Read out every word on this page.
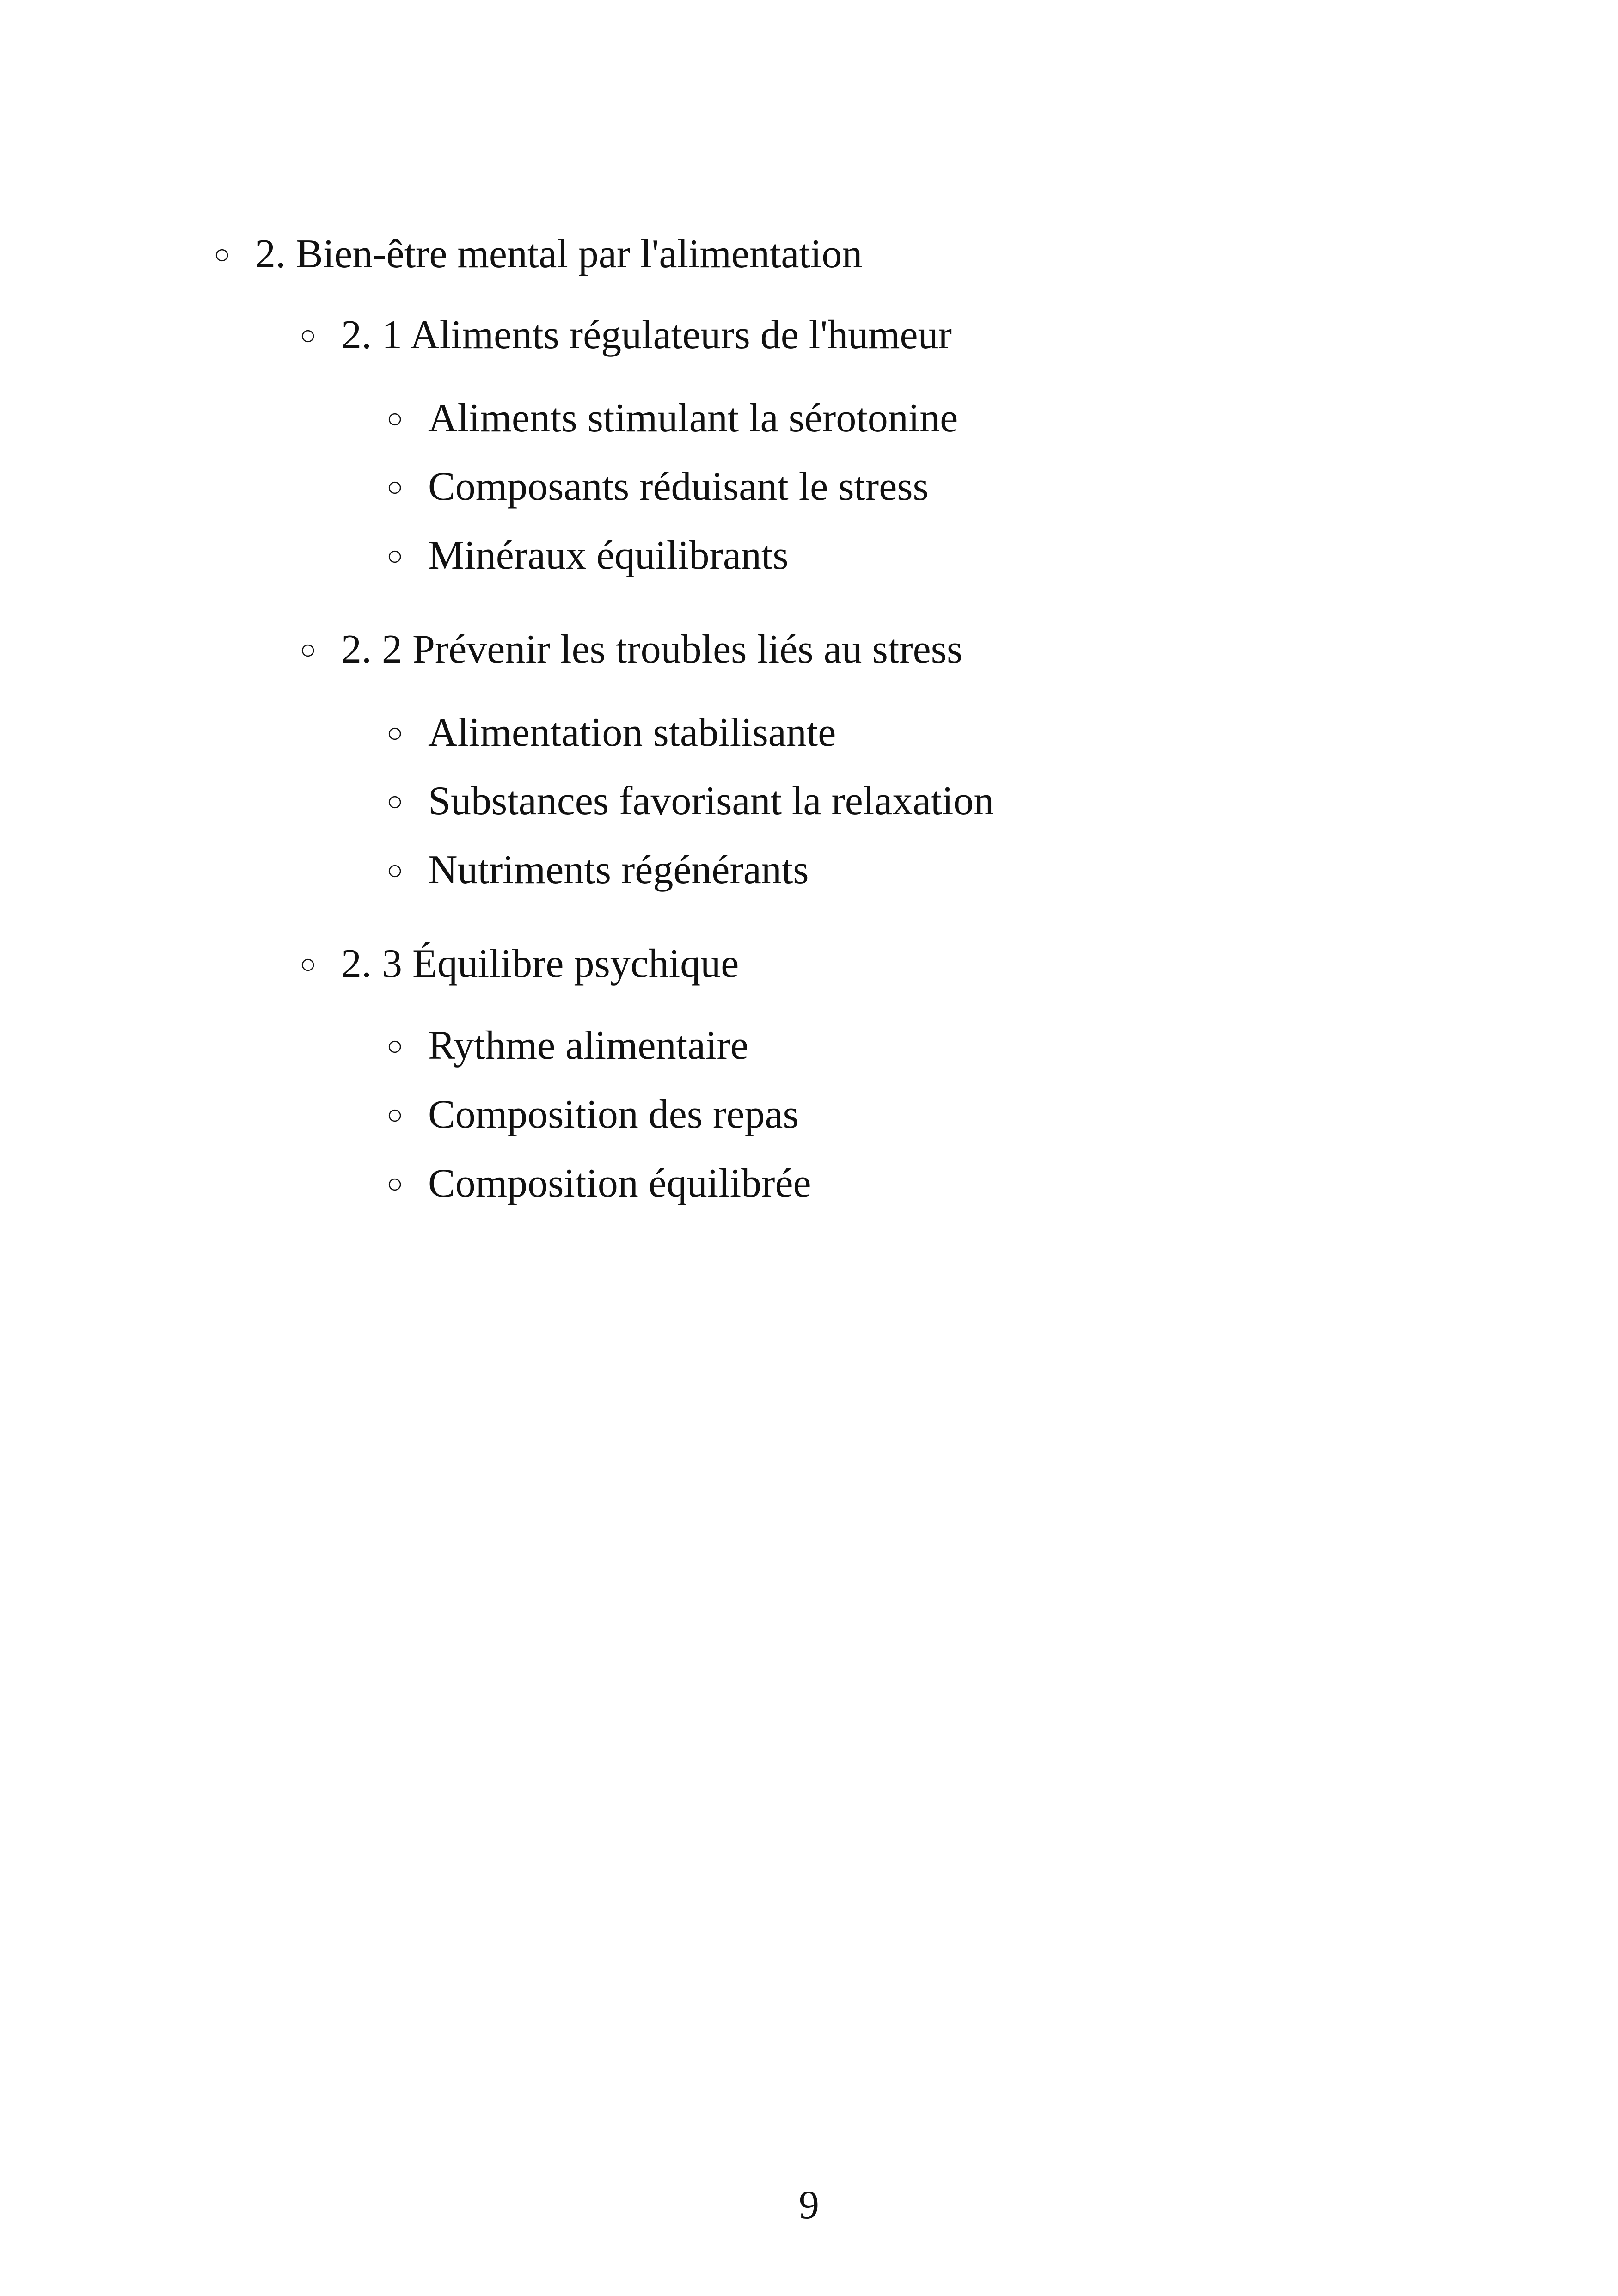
○ 2. Bien-être mental par l'alimentation
○ 2. 1 Aliments régulateurs de l'humeur
○ Aliments stimulant la sérotonine
○ Composants réduisant le stress
○ Minéraux équilibrants
○ 2. 2 Prévenir les troubles liés au stress
○ Alimentation stabilisante
○ Substances favorisant la relaxation
○ Nutriments régénérants
○ 2. 3 Équilibre psychique
○ Rythme alimentaire
○ Composition des repas
○ Composition équilibrée
9
